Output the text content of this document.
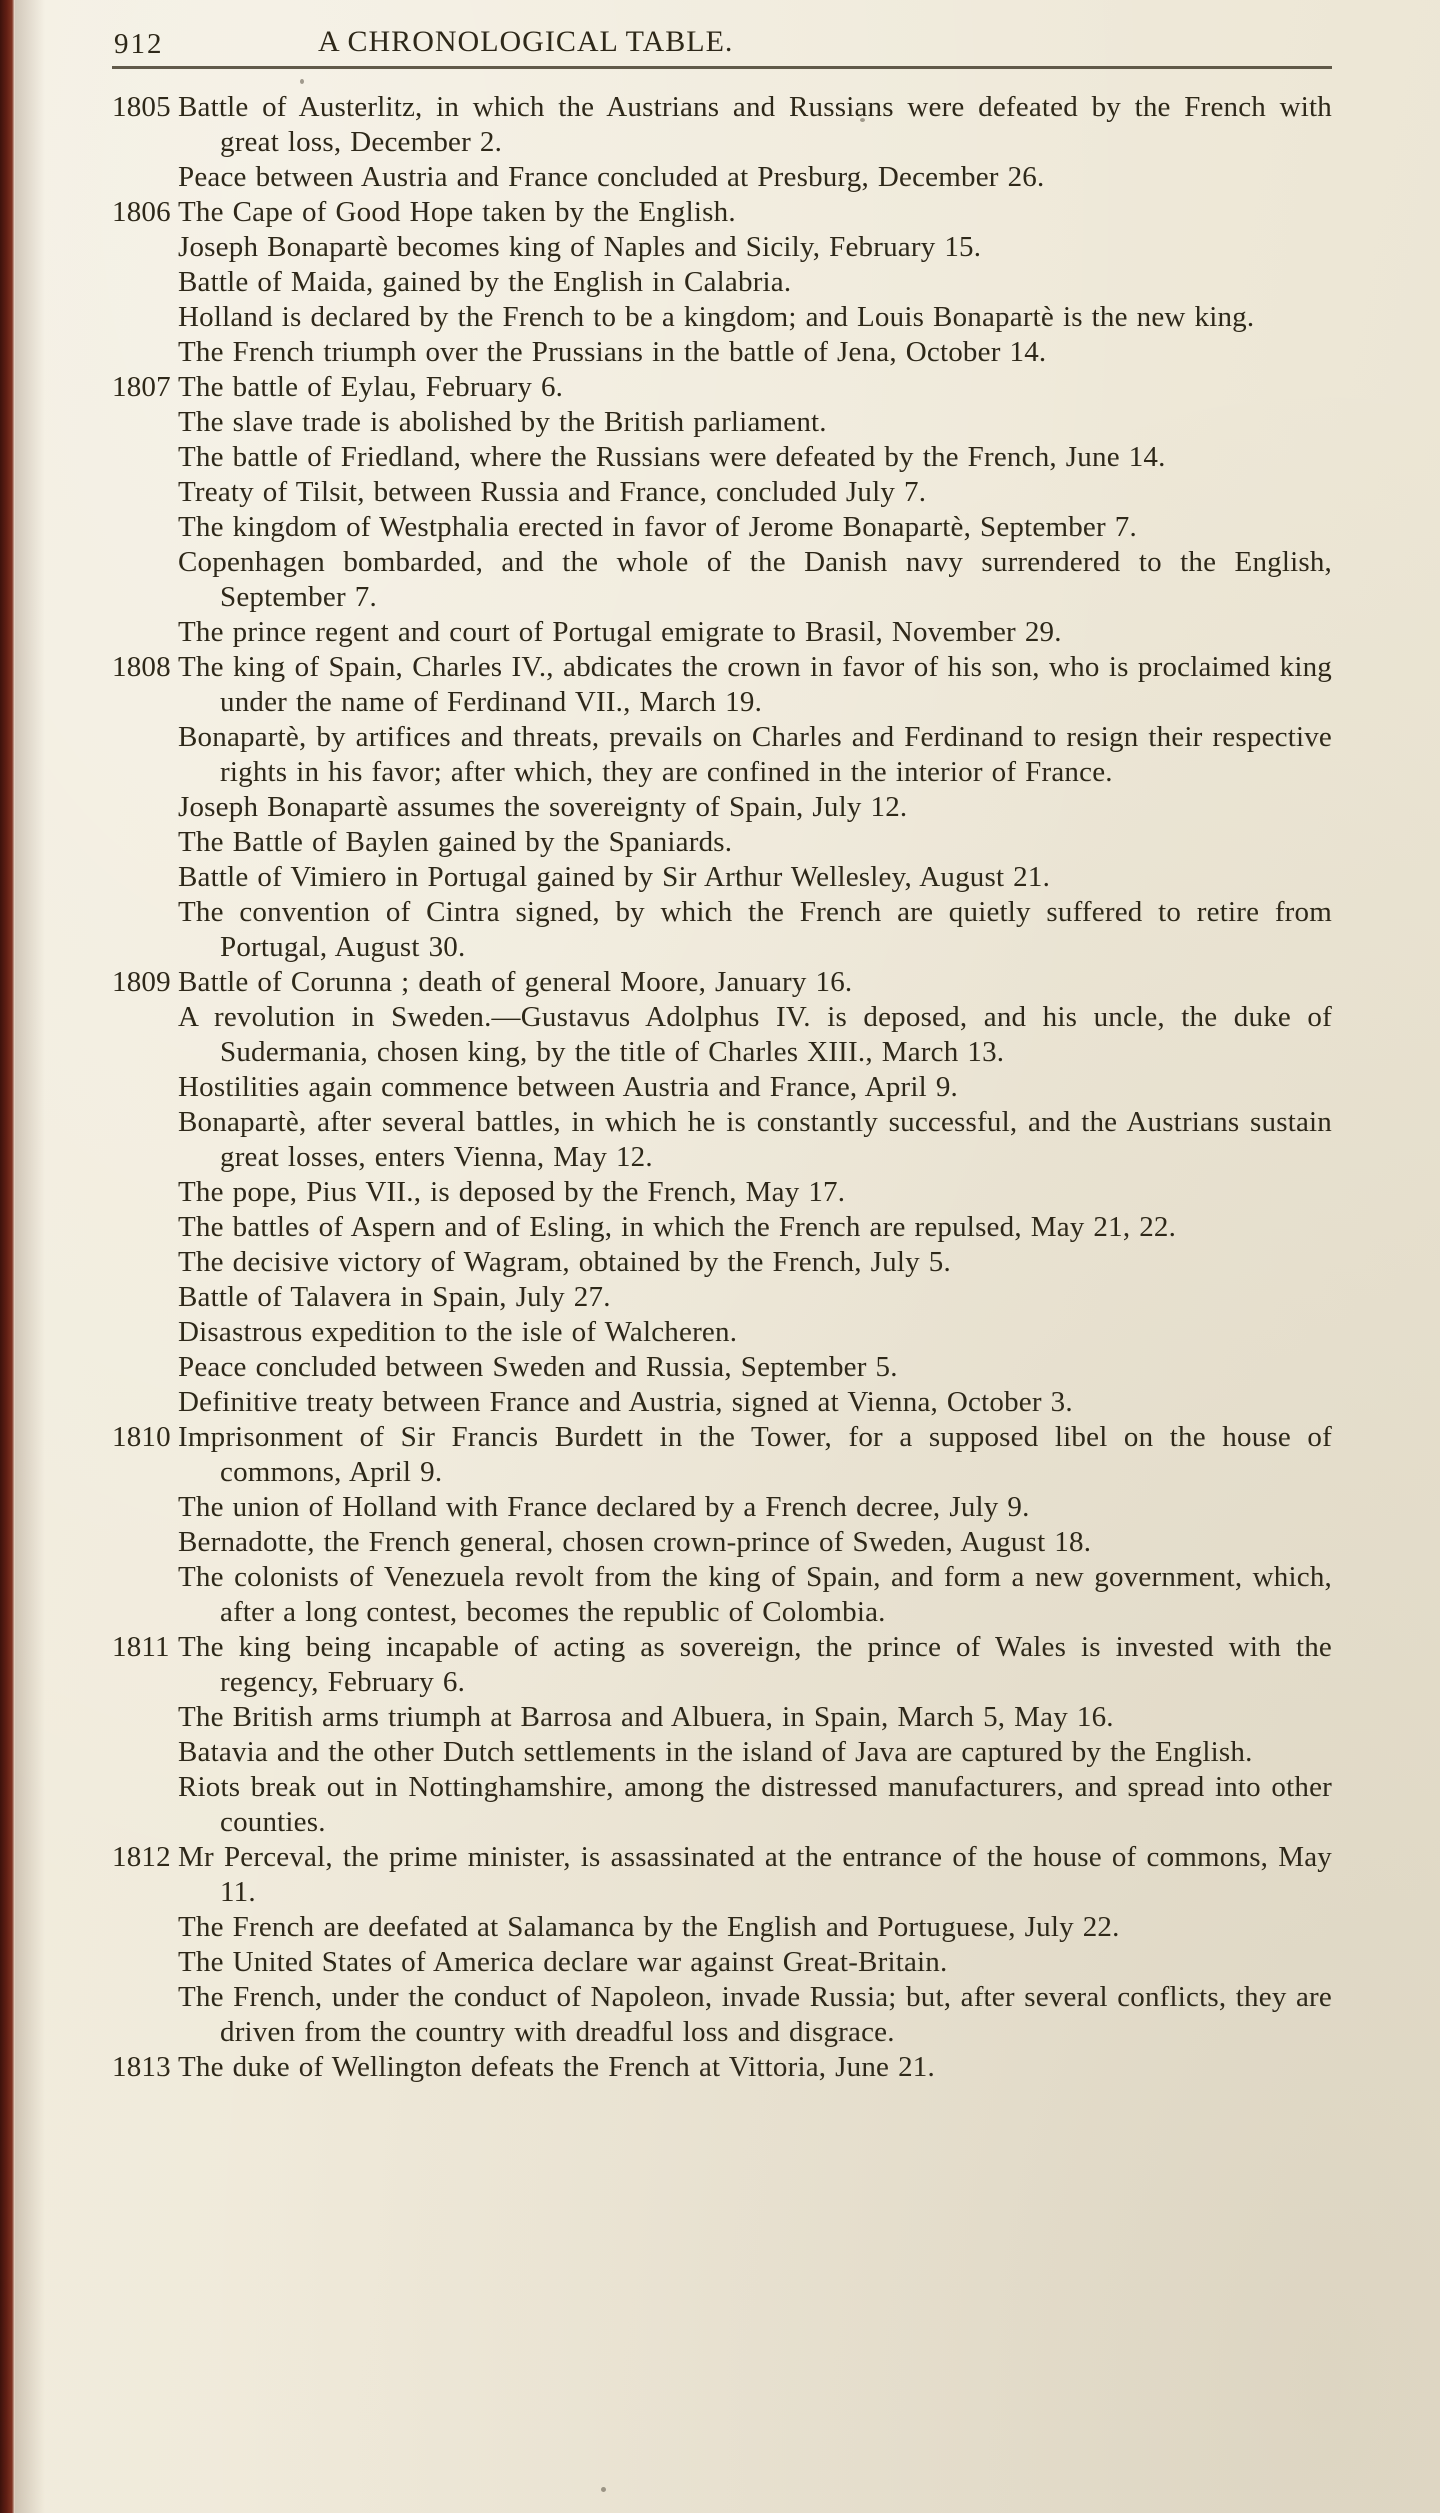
912	A CHRONOLOGICAL TABLE.
1805 Battle of Austerlitz, in which the Austrians and Russians were defeated by the French with great loss, December 2.
Peace between Austria and France concluded at Presburg, December 26.
1806 The Cape of Good Hope taken by the English.
Joseph Bonapartè becomes king of Naples and Sicily, February 15.
Battle of Maida, gained by the English in Calabria.
Holland is declared by the French to be a kingdom; and Louis Bonapartè is the new king.
The French triumph over the Prussians in the battle of Jena, October 14.
1807 The battle of Eylau, February 6.
The slave trade is abolished by the British parliament.
The battle of Friedland, where the Russians were defeated by the French, June 14.
Treaty of Tilsit, between Russia and France, concluded July 7.
The kingdom of Westphalia erected in favor of Jerome Bonapartè, September 7.
Copenhagen bombarded, and the whole of the Danish navy surrendered to the English, September 7.
The prince regent and court of Portugal emigrate to Brasil, November 29.
1808 The king of Spain, Charles IV., abdicates the crown in favor of his son, who is proclaimed king under the name of Ferdinand VII., March 19.
Bonapartè, by artifices and threats, prevails on Charles and Ferdinand to resign their respective rights in his favor; after which, they are confined in the interior of France.
Joseph Bonapartè assumes the sovereignty of Spain, July 12.
The Battle of Baylen gained by the Spaniards.
Battle of Vimiero in Portugal gained by Sir Arthur Wellesley, August 21.
The convention of Cintra signed, by which the French are quietly suffered to retire from Portugal, August 30.
1809 Battle of Corunna ; death of general Moore, January 16.
A revolution in Sweden.—Gustavus Adolphus IV. is deposed, and his uncle, the duke of Sudermania, chosen king, by the title of Charles XIII., March 13.
Hostilities again commence between Austria and France, April 9.
Bonapartè, after several battles, in which he is constantly successful, and the Austrians sustain great losses, enters Vienna, May 12.
The pope, Pius VII., is deposed by the French, May 17.
The battles of Aspern and of Esling, in which the French are repulsed, May 21, 22.
The decisive victory of Wagram, obtained by the French, July 5.
Battle of Talavera in Spain, July 27.
Disastrous expedition to the isle of Walcheren.
Peace concluded between Sweden and Russia, September 5.
Definitive treaty between France and Austria, signed at Vienna, October 3.
1810 Imprisonment of Sir Francis Burdett in the Tower, for a supposed libel on the house of commons, April 9.
The union of Holland with France declared by a French decree, July 9.
Bernadotte, the French general, chosen crown-prince of Sweden, August 18.
The colonists of Venezuela revolt from the king of Spain, and form a new government, which, after a long contest, becomes the republic of Colombia.
1811 The king being incapable of acting as sovereign, the prince of Wales is invested with the regency, February 6.
The British arms triumph at Barrosa and Albuera, in Spain, March 5, May 16.
Batavia and the other Dutch settlements in the island of Java are captured by the English.
Riots break out in Nottinghamshire, among the distressed manufacturers, and spread into other counties.
1812 Mr Perceval, the prime minister, is assassinated at the entrance of the house of commons, May 11.
The French are deefated at Salamanca by the English and Portuguese, July 22.
The United States of America declare war against Great-Britain.
The French, under the conduct of Napoleon, invade Russia; but, after several conflicts, they are driven from the country with dreadful loss and disgrace.
1813 The duke of Wellington defeats the French at Vittoria, June 21.
